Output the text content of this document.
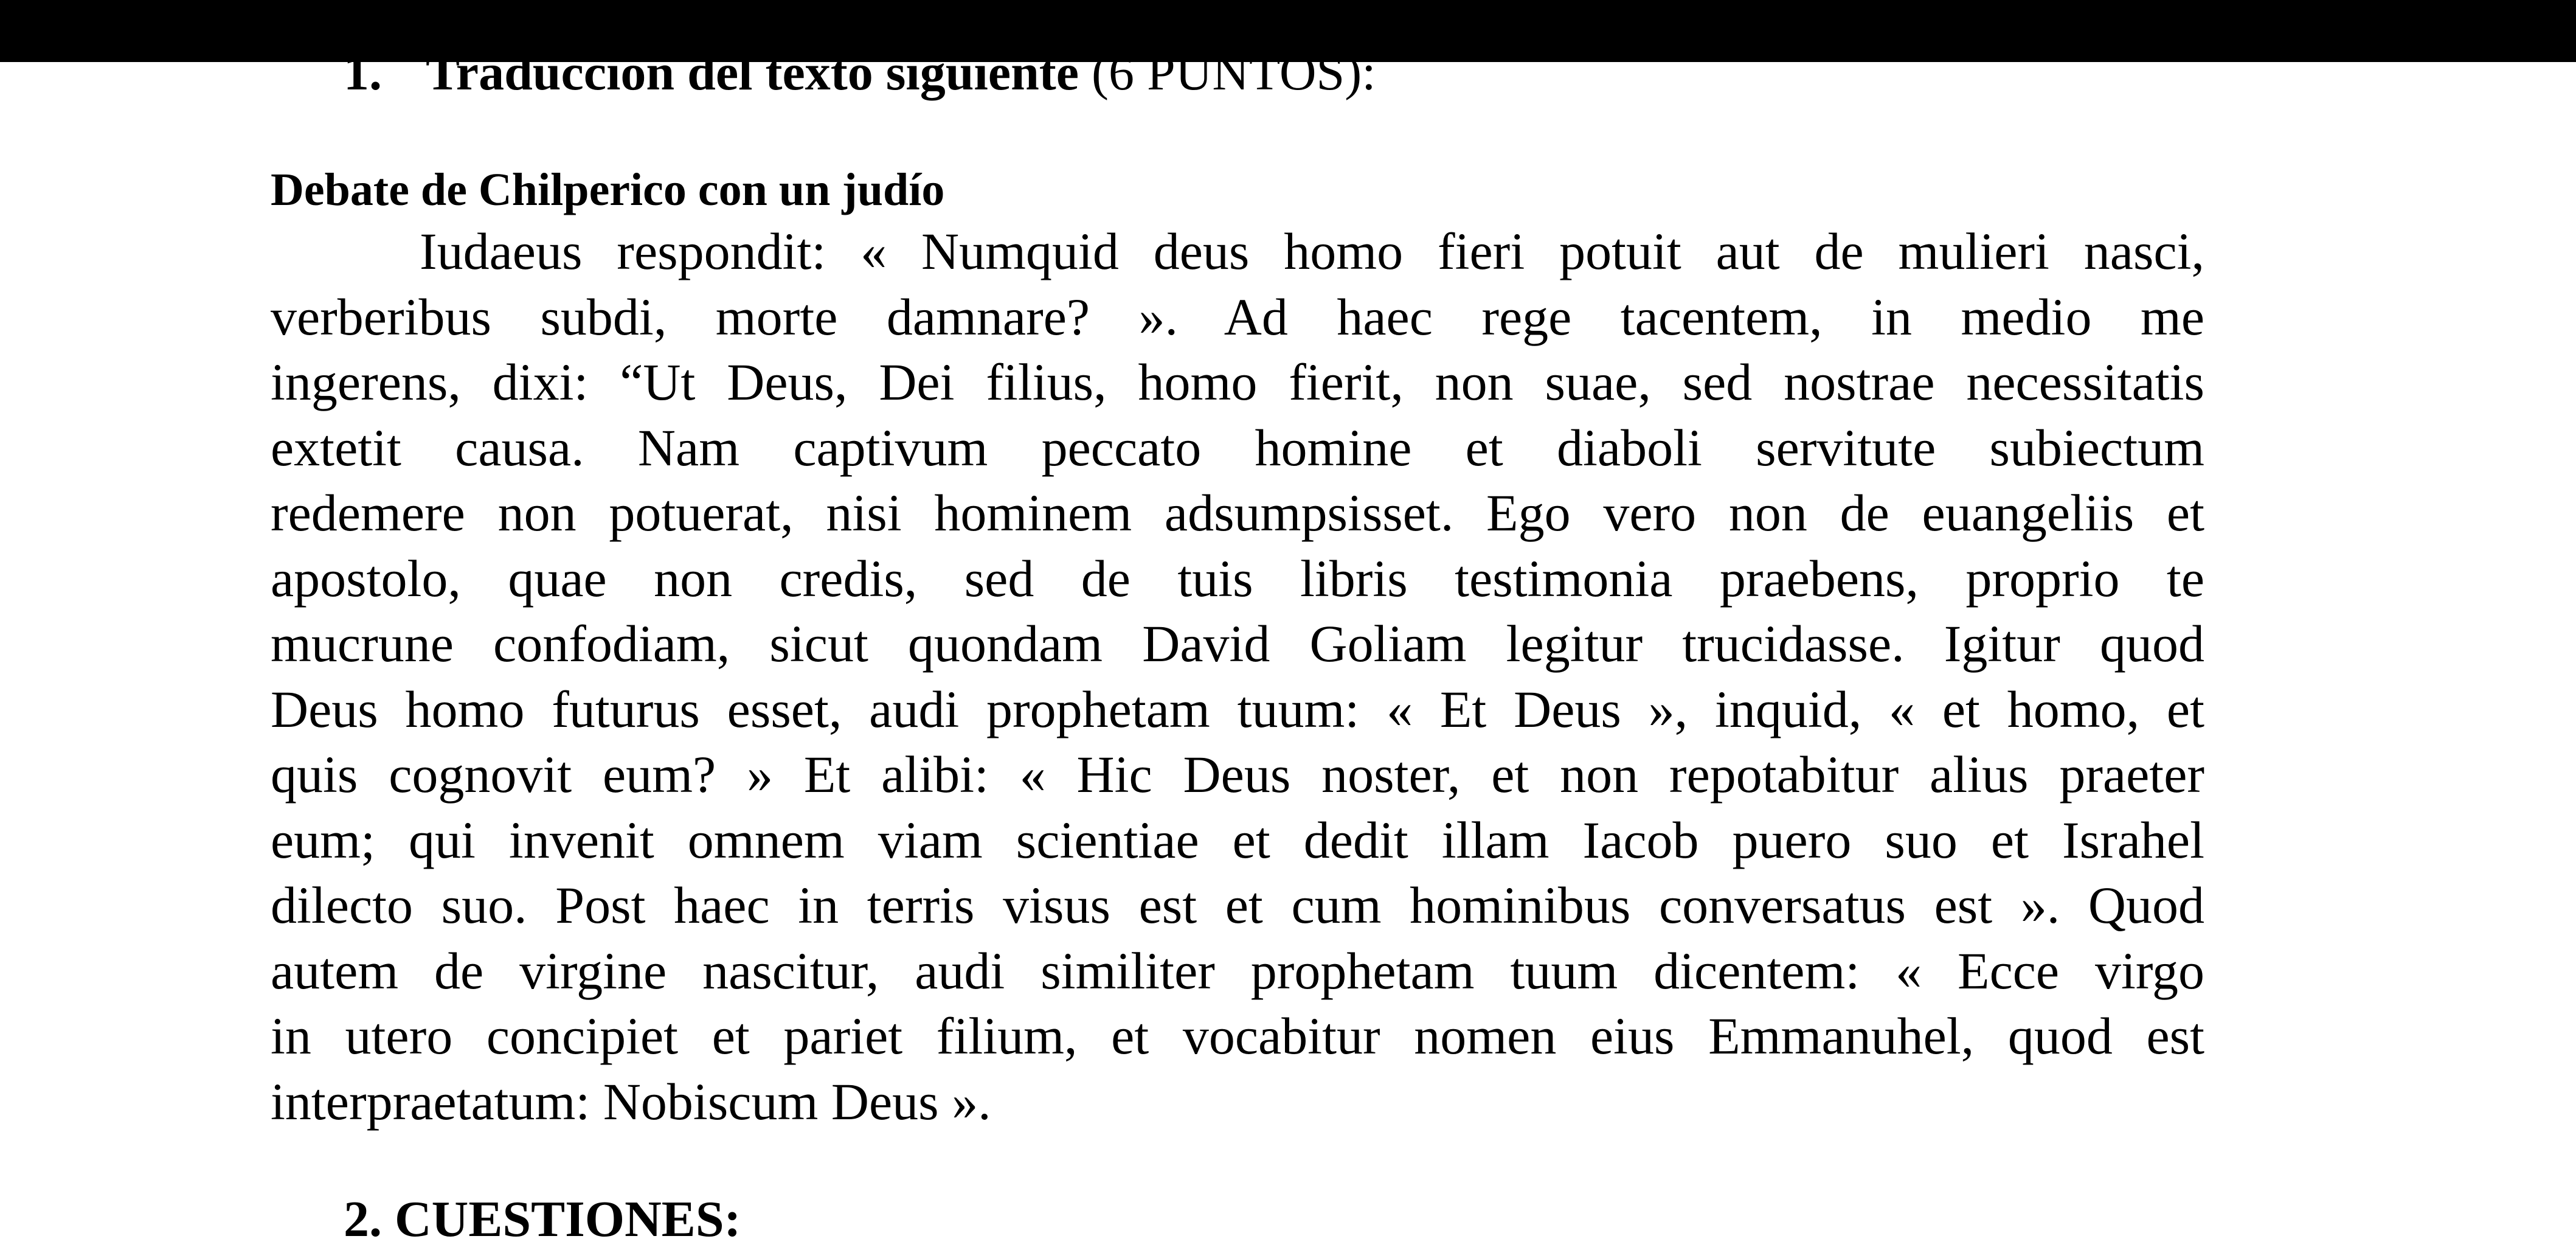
1. Traducción del texto siguiente (6 PUNTOS):
Debate de Chilperico con un judío
Iudaeus respondit: « Numquid deus homo fieri potuit aut de mulieri nasci,
verberibus subdi, morte damnare? ». Ad haec rege tacentem, in medio me
ingerens, dixi: “Ut Deus, Dei filius, homo fierit, non suae, sed nostrae necessitatis
extetit causa. Nam captivum peccato homine et diaboli servitute subiectum
redemere non potuerat, nisi hominem adsumpsisset. Ego vero non de euangeliis et
apostolo, quae non credis, sed de tuis libris testimonia praebens, proprio te
mucrune confodiam, sicut quondam David Goliam legitur trucidasse. Igitur quod
Deus homo futurus esset, audi prophetam tuum: « Et Deus », inquid, « et homo, et
quis cognovit eum? » Et alibi: « Hic Deus noster, et non repotabitur alius praeter
eum; qui invenit omnem viam scientiae et dedit illam Iacob puero suo et Israhel
dilecto suo. Post haec in terris visus est et cum hominibus conversatus est ». Quod
autem de virgine nascitur, audi similiter prophetam tuum dicentem: « Ecce virgo
in utero concipiet et pariet filium, et vocabitur nomen eius Emmanuhel, quod est
interpraetatum: Nobiscum Deus ».
2. CUESTIONES:
